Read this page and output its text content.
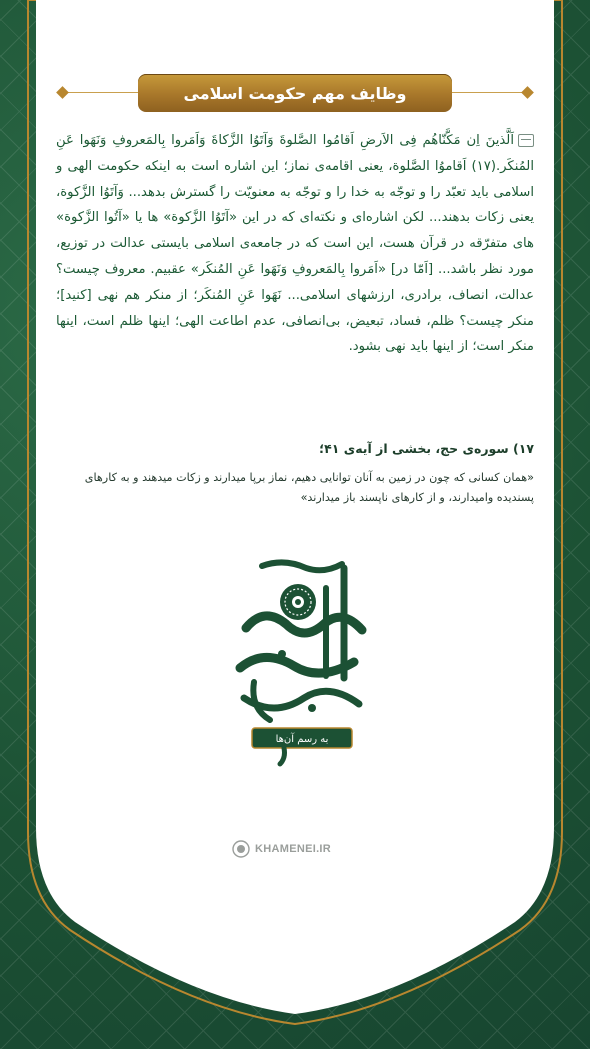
وظایف مهم حکومت اسلامی
اَلَّذینَ اِن مَکَّنّاهُم فِی الاَرضِ اَقامُوا الصَّلوةَ وَآتَوُا الزَّکاةَ وَاَمَروا بِالمَعروفِ وَنَهَوا عَنِ المُنکَر.(۱۷) اَقاموُا الصَّلوة، یعنی اقامه‌ی نماز؛ این اشاره است به اینکه حکومت الهی و اسلامی باید تعبّد را و توجّه به خدا را و توجّه به معنویّت را گسترش بدهد... وَآتَوُا الزَّکوة، یعنی زکات بدهند... لکن اشاره‌ای و نکته‌ای که در این «آتَوُا الزَّکوة» ها یا «آتُوا الزَّکوة» های متفرّقه در قرآن هست، این است که در جامعه‌ی اسلامی بایستی عدالت در توزیع، مورد نظر باشد... [اَمّا در] «اَمَروا بِالمَعروفِ وَنَهَوا عَنِ المُنکَر» عقبیم. معروف چیست؟ عدالت، انصاف، برادری، ارزشهای اسلامی... نَهَوا عَنِ المُنکَر؛ از منکر هم نهی [کنید]؛ منکر چیست؟ ظلم، فساد، تبعیض، بی‌انصافی، عدم اطاعت الهی؛ اینها ظلم است، اینها منکر است؛ از اینها باید نهی بشود.
۱۷) سوره‌ی حج، بخشی از آیه‌ی ۴۱؛
«همان کسانی که چون در زمین به آنان توانایی دهیم، نماز برپا میدارند و زکات میدهند و به کارهای پسندیده وامیدارند، و از کارهای ناپسند باز میدارند»
به رسم آن‌ها
KHAMENEI.IR
